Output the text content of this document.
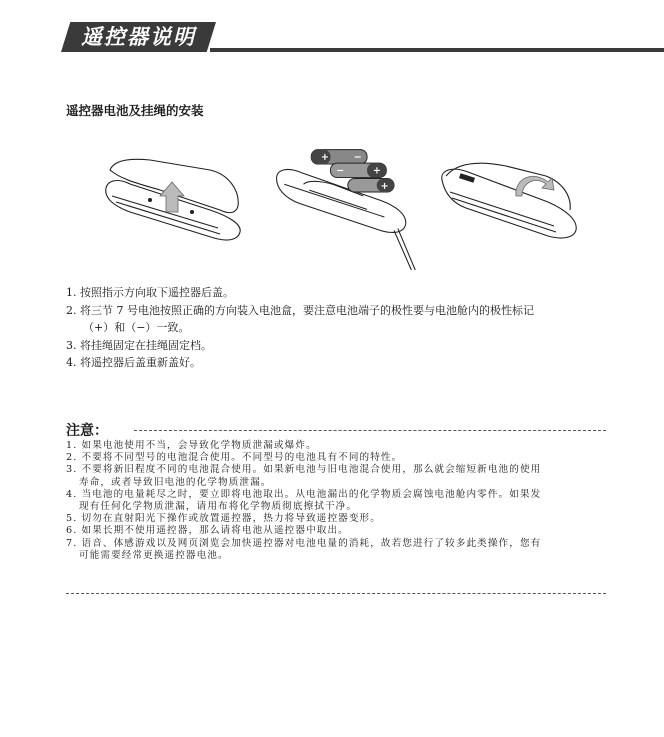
遥控器说明
遥控器电池及挂绳的安装
+ −
−	+
+
1. 按照指示方向取下遥控器后盖。
2. 将三节 7 号电池按照正确的方向装入电池盒，要注意电池端子的极性要与电池舱内的极性标记
（+）和（−）一致。
3. 将挂绳固定在挂绳固定档。
4. 将遥控器后盖重新盖好。
注意：
1. 如果电池使用不当，会导致化学物质泄漏或爆炸。
2. 不要将不同型号的电池混合使用。不同型号的电池具有不同的特性。
3. 不要将新旧程度不同的电池混合使用。如果新电池与旧电池混合使用，那么就会缩短新电池的使用
寿命，或者导致旧电池的化学物质泄漏。
4. 当电池的电量耗尽之时，要立即将电池取出。从电池漏出的化学物质会腐蚀电池舱内零件。如果发
现有任何化学物质泄漏，请用布将化学物质彻底擦拭干净。
5. 切勿在直射阳光下操作或放置遥控器，热力将导致遥控器变形。
6. 如果长期不使用遥控器，那么请将电池从遥控器中取出。
7. 语音、体感游戏以及网页浏览会加快遥控器对电池电量的消耗，故若您进行了较多此类操作，您有
可能需要经常更换遥控器电池。
